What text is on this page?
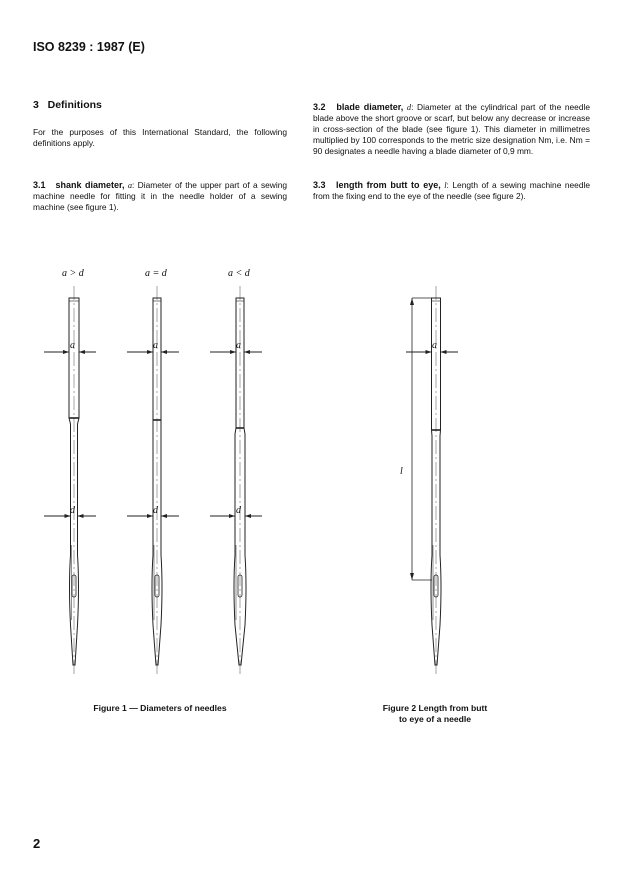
ISO 8239 : 1987 (E)
3 Definitions
For the purposes of this International Standard, the following definitions apply.
3.1 shank diameter, a: Diameter of the upper part of a sewing machine needle for fitting it in the needle holder of a sewing machine (see figure 1).
3.2 blade diameter, d: Diameter at the cylindrical part of the needle blade above the short groove or scarf, but below any decrease or increase in cross-section of the blade (see figure 1). This diameter in millimetres multiplied by 100 corresponds to the metric size designation Nm, i.e. Nm = 90 designates a needle having a blade diameter of 0,9 mm.
3.3 length from butt to eye, l: Length of a sewing machine needle from the fixing end to the eye of the needle (see figure 2).
a
d
a > d
a
d
a = d
a
d
a < d
a
l
Figure 1 — Diameters of needles	Figure 2 Length from butt
to eye of a needle
2
